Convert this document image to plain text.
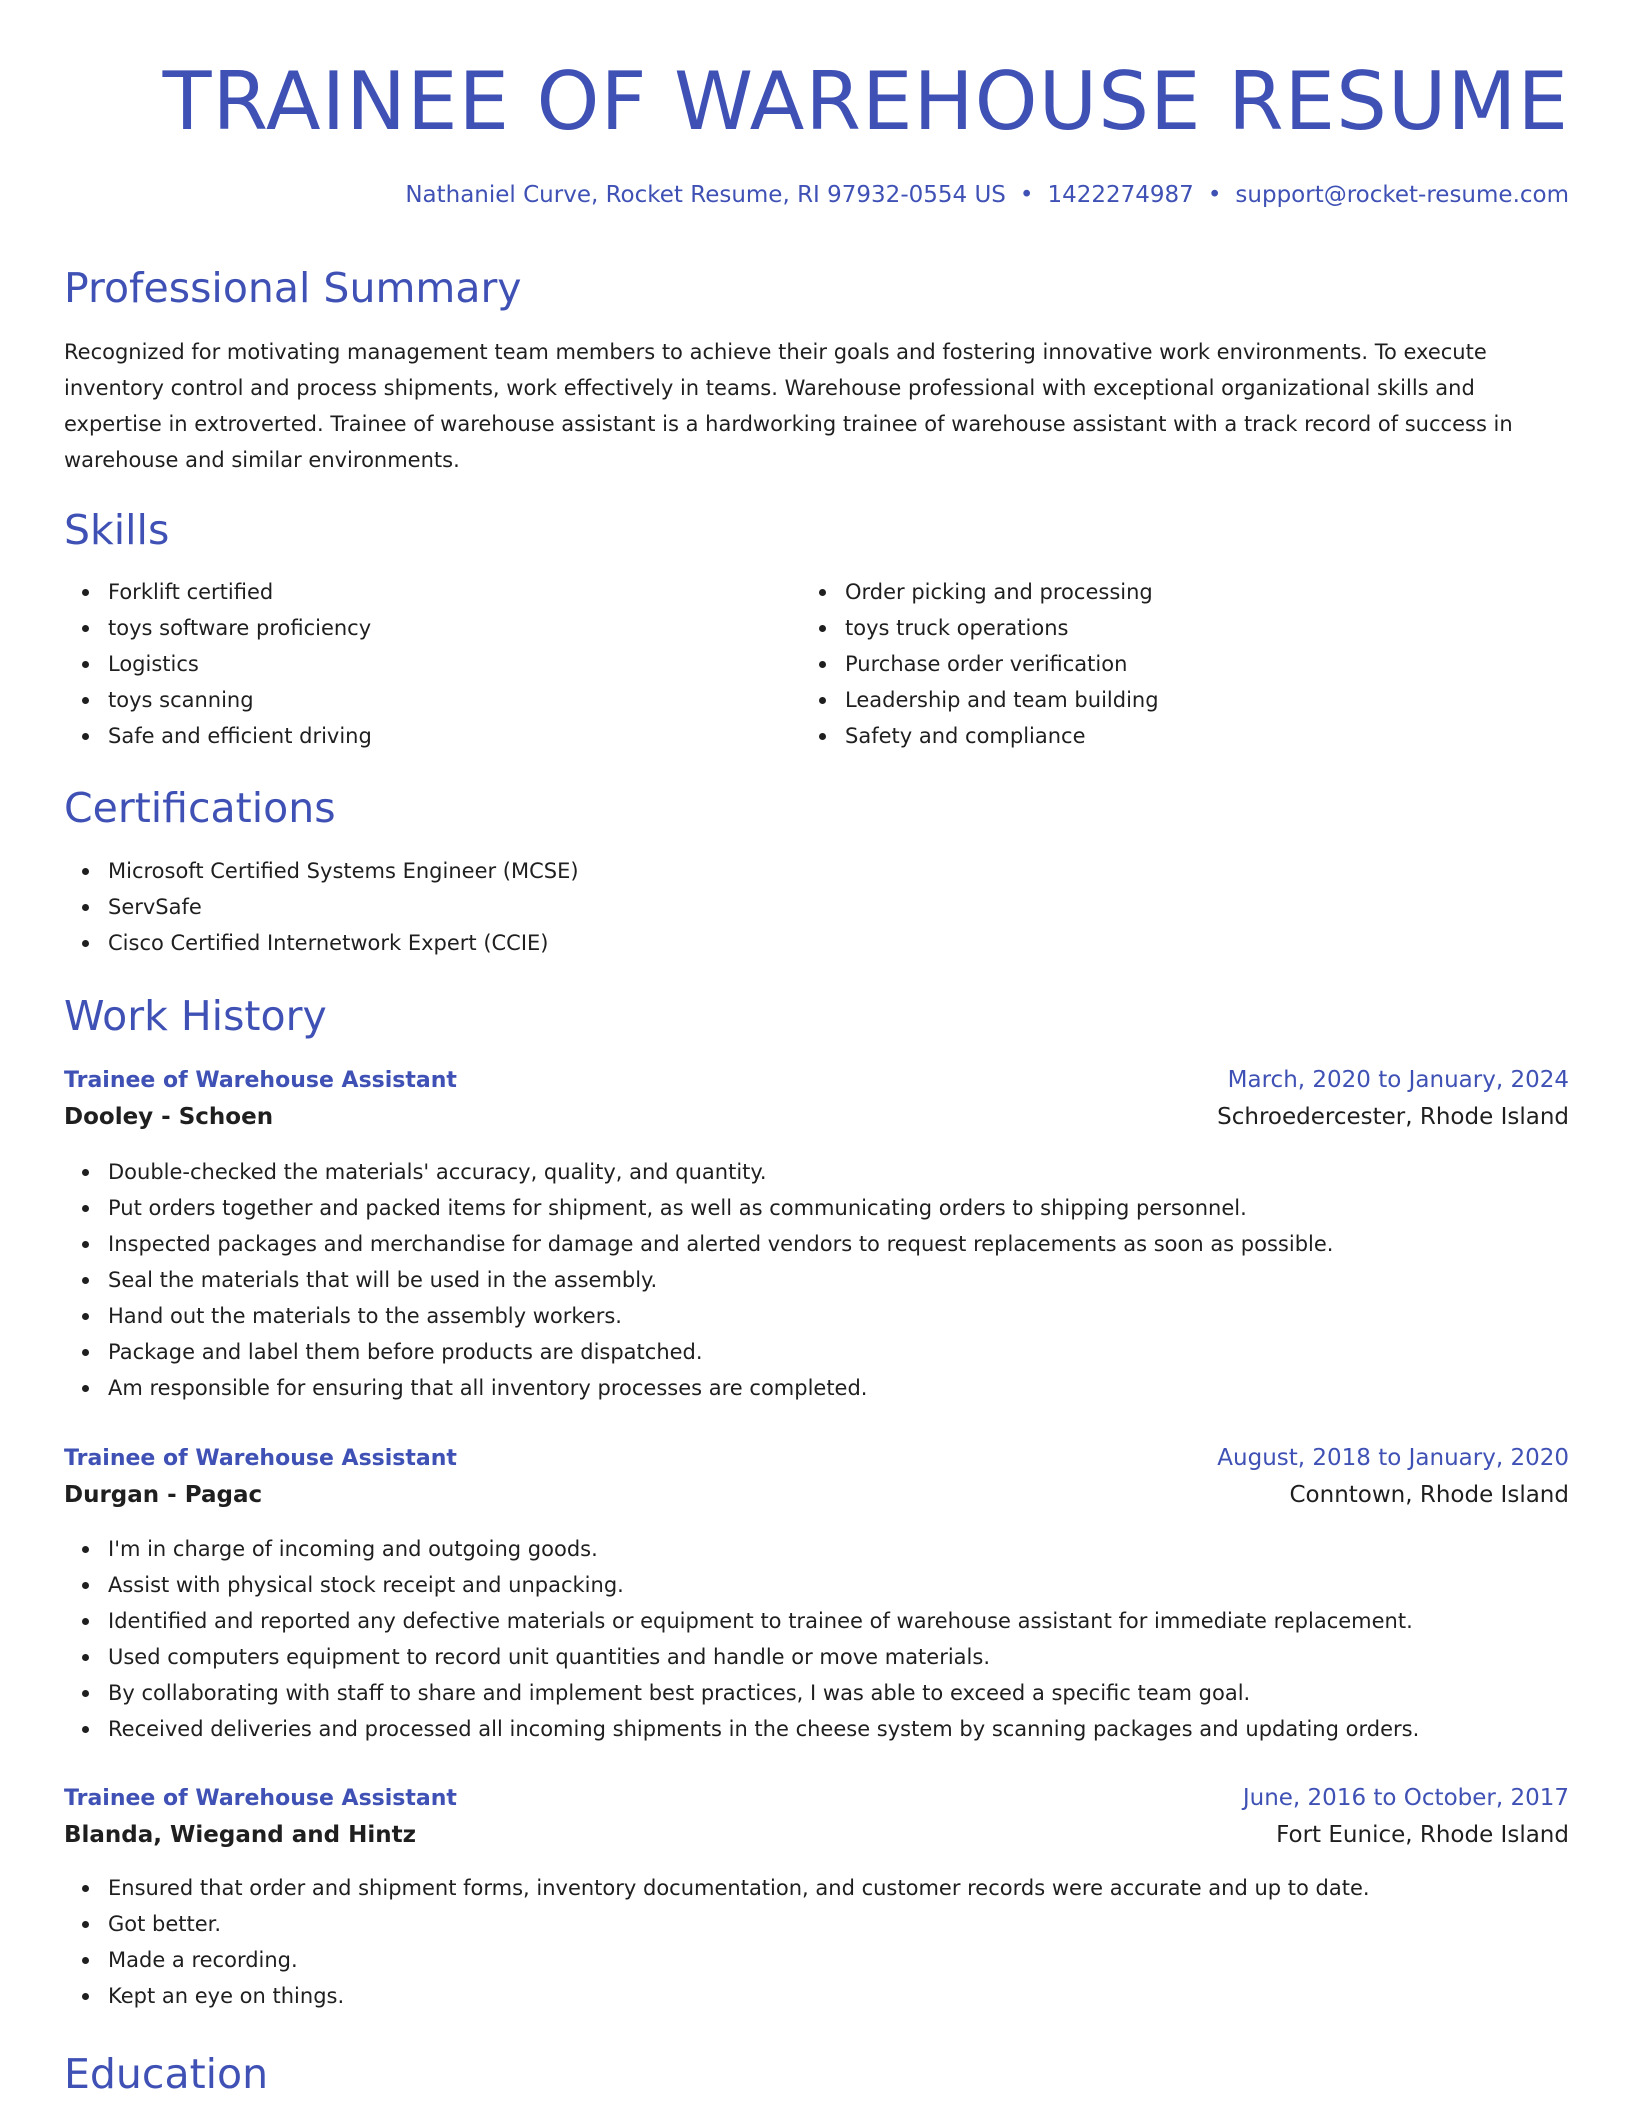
TRAINEE OF WAREHOUSE RESUME

Nathaniel Curve, Rocket Resume, RI 97932-0554 US • 1422274987 • support@rocket-resume.com

Professional Summary

Recognized for motivating management team members to achieve their goals and fostering innovative work environments. To execute inventory control and process shipments, work effectively in teams. Warehouse professional with exceptional organizational skills and expertise in extroverted. Trainee of warehouse assistant is a hardworking trainee of warehouse assistant with a track record of success in warehouse and similar environments.

Skills
Forklift certified
toys software proficiency
Logistics
toys scanning
Safe and efficient driving
Order picking and processing
toys truck operations
Purchase order verification
Leadership and team building
Safety and compliance
Certifications
Microsoft Certified Systems Engineer (MCSE)
ServSafe
Cisco Certified Internetwork Expert (CCIE)
Work History
Trainee of Warehouse Assistant	March, 2020 to January, 2024
Dooley - Schoen	Schroedercester, Rhode Island
Double-checked the materials' accuracy, quality, and quantity.
Put orders together and packed items for shipment, as well as communicating orders to shipping personnel.
Inspected packages and merchandise for damage and alerted vendors to request replacements as soon as possible.
Seal the materials that will be used in the assembly.
Hand out the materials to the assembly workers.
Package and label them before products are dispatched.
Am responsible for ensuring that all inventory processes are completed.
Trainee of Warehouse Assistant	August, 2018 to January, 2020
Durgan - Pagac	Conntown, Rhode Island
I'm in charge of incoming and outgoing goods.
Assist with physical stock receipt and unpacking.
Identified and reported any defective materials or equipment to trainee of warehouse assistant for immediate replacement.
Used computers equipment to record unit quantities and handle or move materials.
By collaborating with staff to share and implement best practices, I was able to exceed a specific team goal.
Received deliveries and processed all incoming shipments in the cheese system by scanning packages and updating orders.
Trainee of Warehouse Assistant	June, 2016 to October, 2017
Blanda, Wiegand and Hintz	Fort Eunice, Rhode Island
Ensured that order and shipment forms, inventory documentation, and customer records were accurate and up to date.
Got better.
Made a recording.
Kept an eye on things.
Education
